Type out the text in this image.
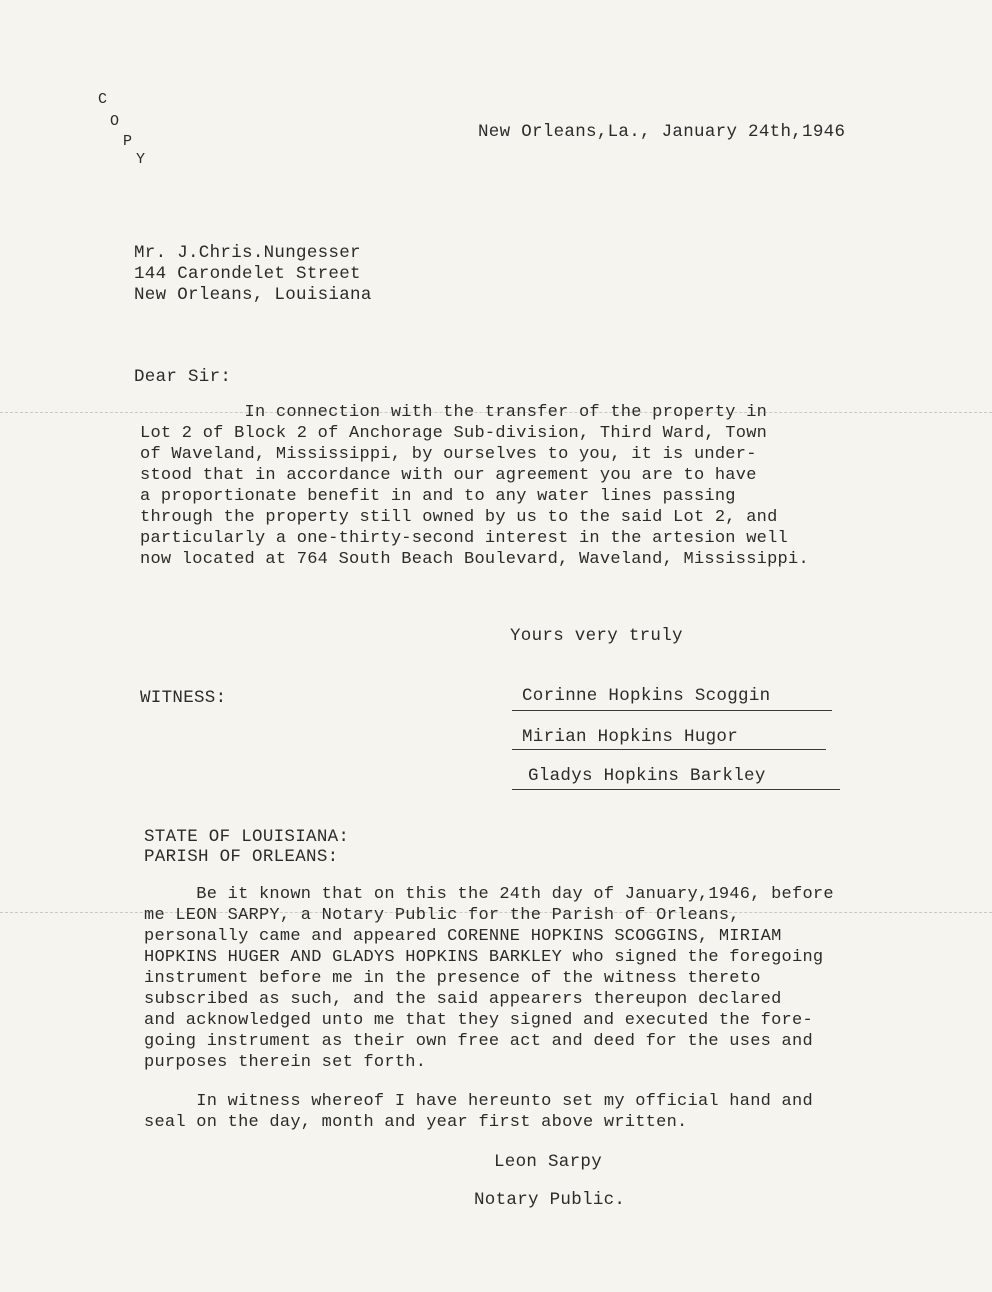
C
O
P
Y
New Orleans,La., January 24th,1946
Mr. J.Chris.Nungesser
144 Carondelet Street
New Orleans, Louisiana
Dear Sir:
In connection with the transfer of the property in
Lot 2 of Block 2 of Anchorage Sub-division, Third Ward, Town
of Waveland, Mississippi, by ourselves to you, it is under-
stood that in accordance with our agreement you are to have
a proportionate benefit in and to any water lines passing
through the property still owned by us to the said Lot 2, and
particularly a one-thirty-second interest in the artesion well
now located at 764 South Beach Boulevard, Waveland, Mississippi.
Yours very truly
WITNESS:	Corinne Hopkins Scoggin
Mirian Hopkins Hugor
Gladys Hopkins Barkley
STATE OF LOUISIANA:
PARISH OF ORLEANS:
Be it known that on this the 24th day of January,1946, before
me LEON SARPY, a Notary Public for the Parish of Orleans,
personally came and appeared CORENNE HOPKINS SCOGGINS, MIRIAM
HOPKINS HUGER AND GLADYS HOPKINS BARKLEY who signed the foregoing
instrument before me in the presence of the witness thereto
subscribed as such, and the said appearers thereupon declared
and acknowledged unto me that they signed and executed the fore-
going instrument as their own free act and deed for the uses and
purposes therein set forth.
In witness whereof I have hereunto set my official hand and
seal on the day, month and year first above written.
Leon Sarpy
Notary Public.
